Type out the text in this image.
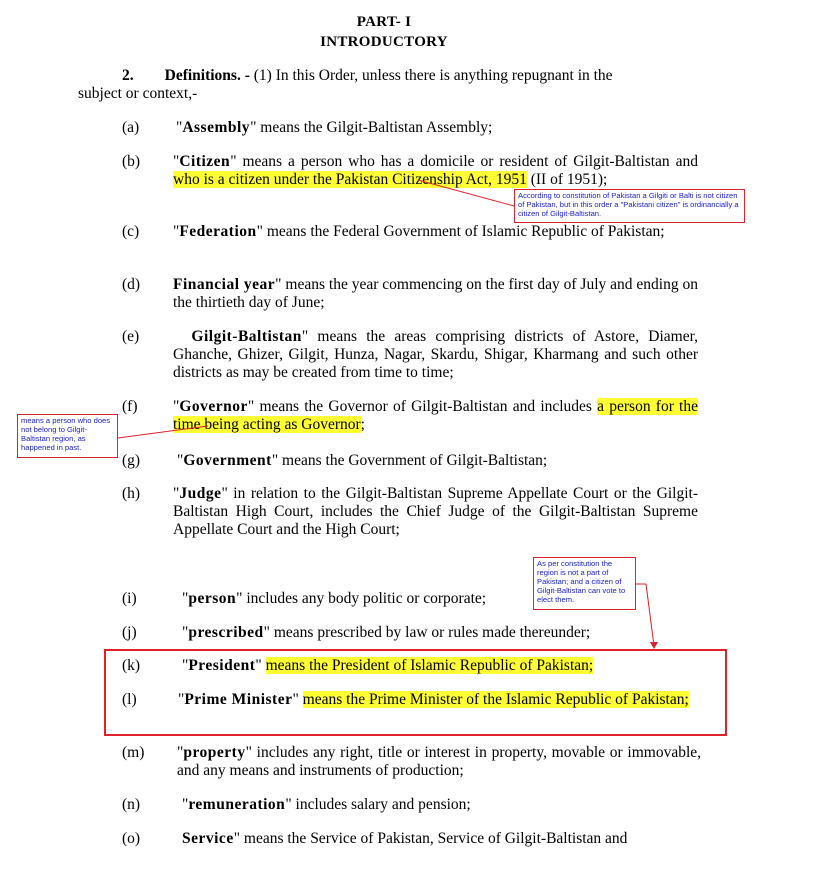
PART- I
INTRODUCTORY
2. Definitions. - (1) In this Order, unless there is anything repugnant in the
subject or context,-
(a) "Assembly" means the Gilgit-Baltistan Assembly;
(b) "Citizen" means a person who has a domicile or resident of Gilgit-Baltistan and who is a citizen under the Pakistan Citizenship Act, 1951 (II of 1951);
(c) "Federation" means the Federal Government of Islamic Republic of Pakistan;
(d) Financial year" means the year commencing on the first day of July and ending on the thirtieth day of June;
(e)	Gilgit-Baltistan" means the areas comprising districts of Astore, Diamer, Ghanche, Ghizer, Gilgit, Hunza, Nagar, Skardu, Shigar, Kharmang and such other districts as may be created from time to time;
(f) "Governor" means the Governor of Gilgit-Baltistan and includes a person for the time being acting as Governor;
(g) "Government" means the Government of Gilgit-Baltistan;
(h) "Judge" in relation to the Gilgit-Baltistan Supreme Appellate Court or the Gilgit-Baltistan High Court, includes the Chief Judge of the Gilgit-Baltistan Supreme Appellate Court and the High Court;
(i)	"person" includes any body politic or corporate;
(j)	"prescribed" means prescribed by law or rules made thereunder;
(k)	"President" means the President of Islamic Republic of Pakistan;
(l)	"Prime Minister" means the Prime Minister of the Islamic Republic of Pakistan;
(m) "property" includes any right, title or interest in property, movable or immovable, and any means and instruments of production;
(n)	"remuneration" includes salary and pension;
(o)	Service" means the Service of Pakistan, Service of Gilgit-Baltistan and
According to constitution of Pakistan a Gilgiti or Balti is not citizen of Pakistan, but in this order a "Pakistani citizen" is ordinancially a citizen of Gilgit-Baltistan.
means a person who does not belong to Gilgit-Baltistan region, as happened in past.
As per constitution the region is not a part of Pakistan; and a citizen of Gilgit-Baltistan can vote to elect them.
